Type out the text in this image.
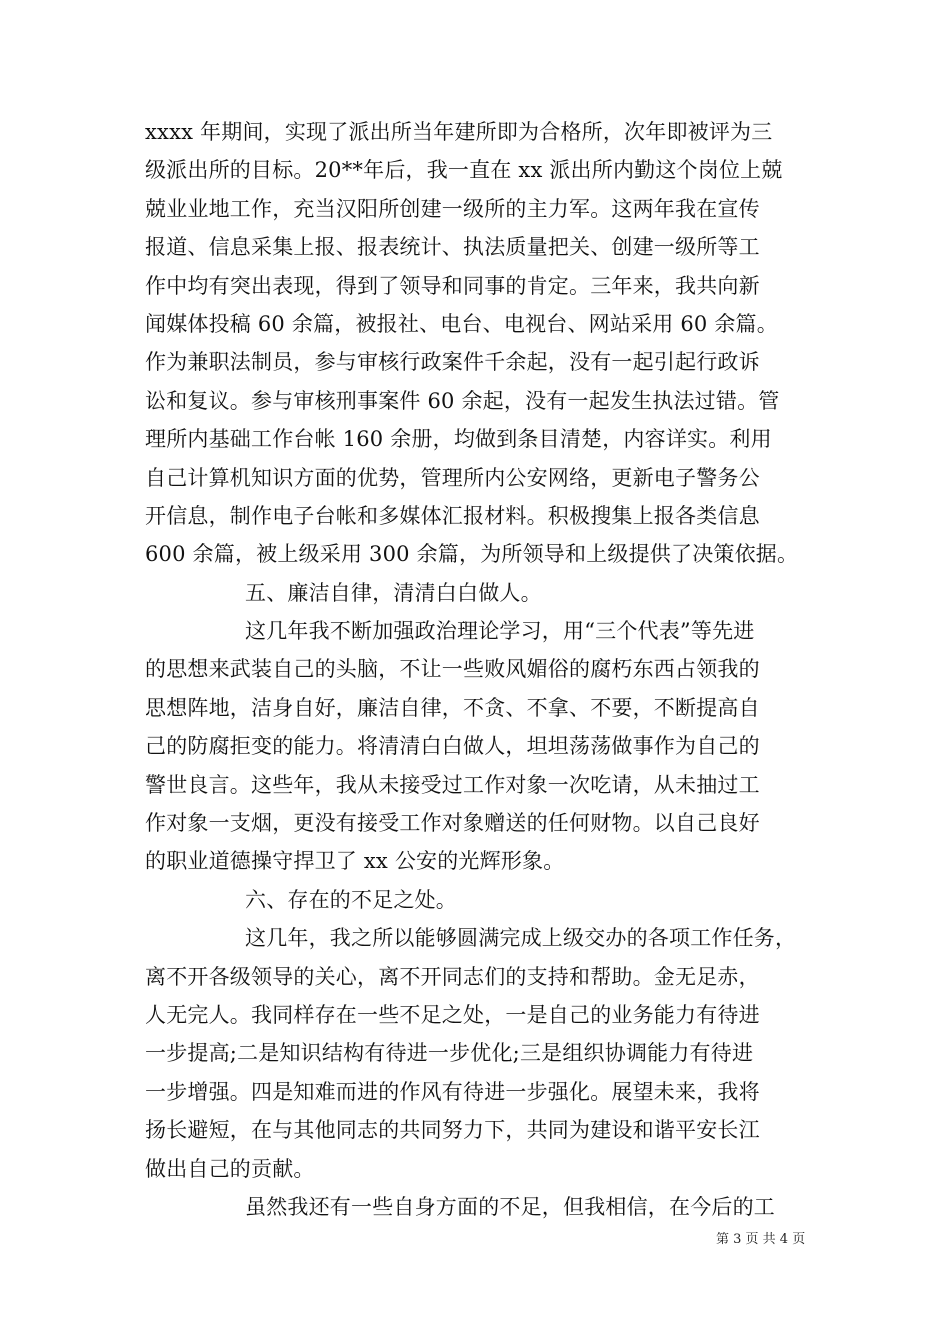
xxxx 年期间，实现了派出所当年建所即为合格所，次年即被评为三
级派出所的目标。20**年后，我一直在 xx 派出所内勤这个岗位上兢
兢业业地工作，充当汉阳所创建一级所的主力军。这两年我在宣传
报道、信息采集上报、报表统计、执法质量把关、创建一级所等工
作中均有突出表现，得到了领导和同事的肯定。三年来，我共向新
闻媒体投稿 60 余篇，被报社、电台、电视台、网站采用 60 余篇。
作为兼职法制员，参与审核行政案件千余起，没有一起引起行政诉
讼和复议。参与审核刑事案件 60 余起，没有一起发生执法过错。管
理所内基础工作台帐 160 余册，均做到条目清楚，内容详实。利用
自己计算机知识方面的优势，管理所内公安网络，更新电子警务公
开信息，制作电子台帐和多媒体汇报材料。积极搜集上报各类信息
600 余篇，被上级采用 300 余篇，为所领导和上级提供了决策依据。
五、廉洁自律，清清白白做人。
这几年我不断加强政治理论学习，用“三个代表”等先进
的思想来武装自己的头脑，不让一些败风媚俗的腐朽东西占领我的
思想阵地，洁身自好，廉洁自律，不贪、不拿、不要，不断提高自
己的防腐拒变的能力。将清清白白做人，坦坦荡荡做事作为自己的
警世良言。这些年，我从未接受过工作对象一次吃请，从未抽过工
作对象一支烟，更没有接受工作对象赠送的任何财物。以自己良好
的职业道德操守捍卫了 xx 公安的光辉形象。
六、存在的不足之处。
这几年，我之所以能够圆满完成上级交办的各项工作任务，
离不开各级领导的关心，离不开同志们的支持和帮助。金无足赤，
人无完人。我同样存在一些不足之处，一是自己的业务能力有待进
一步提高;二是知识结构有待进一步优化;三是组织协调能力有待进
一步增强。四是知难而进的作风有待进一步强化。展望未来，我将
扬长避短，在与其他同志的共同努力下，共同为建设和谐平安长江
做出自己的贡献。
虽然我还有一些自身方面的不足，但我相信，在今后的工
第 3 页 共 4 页
